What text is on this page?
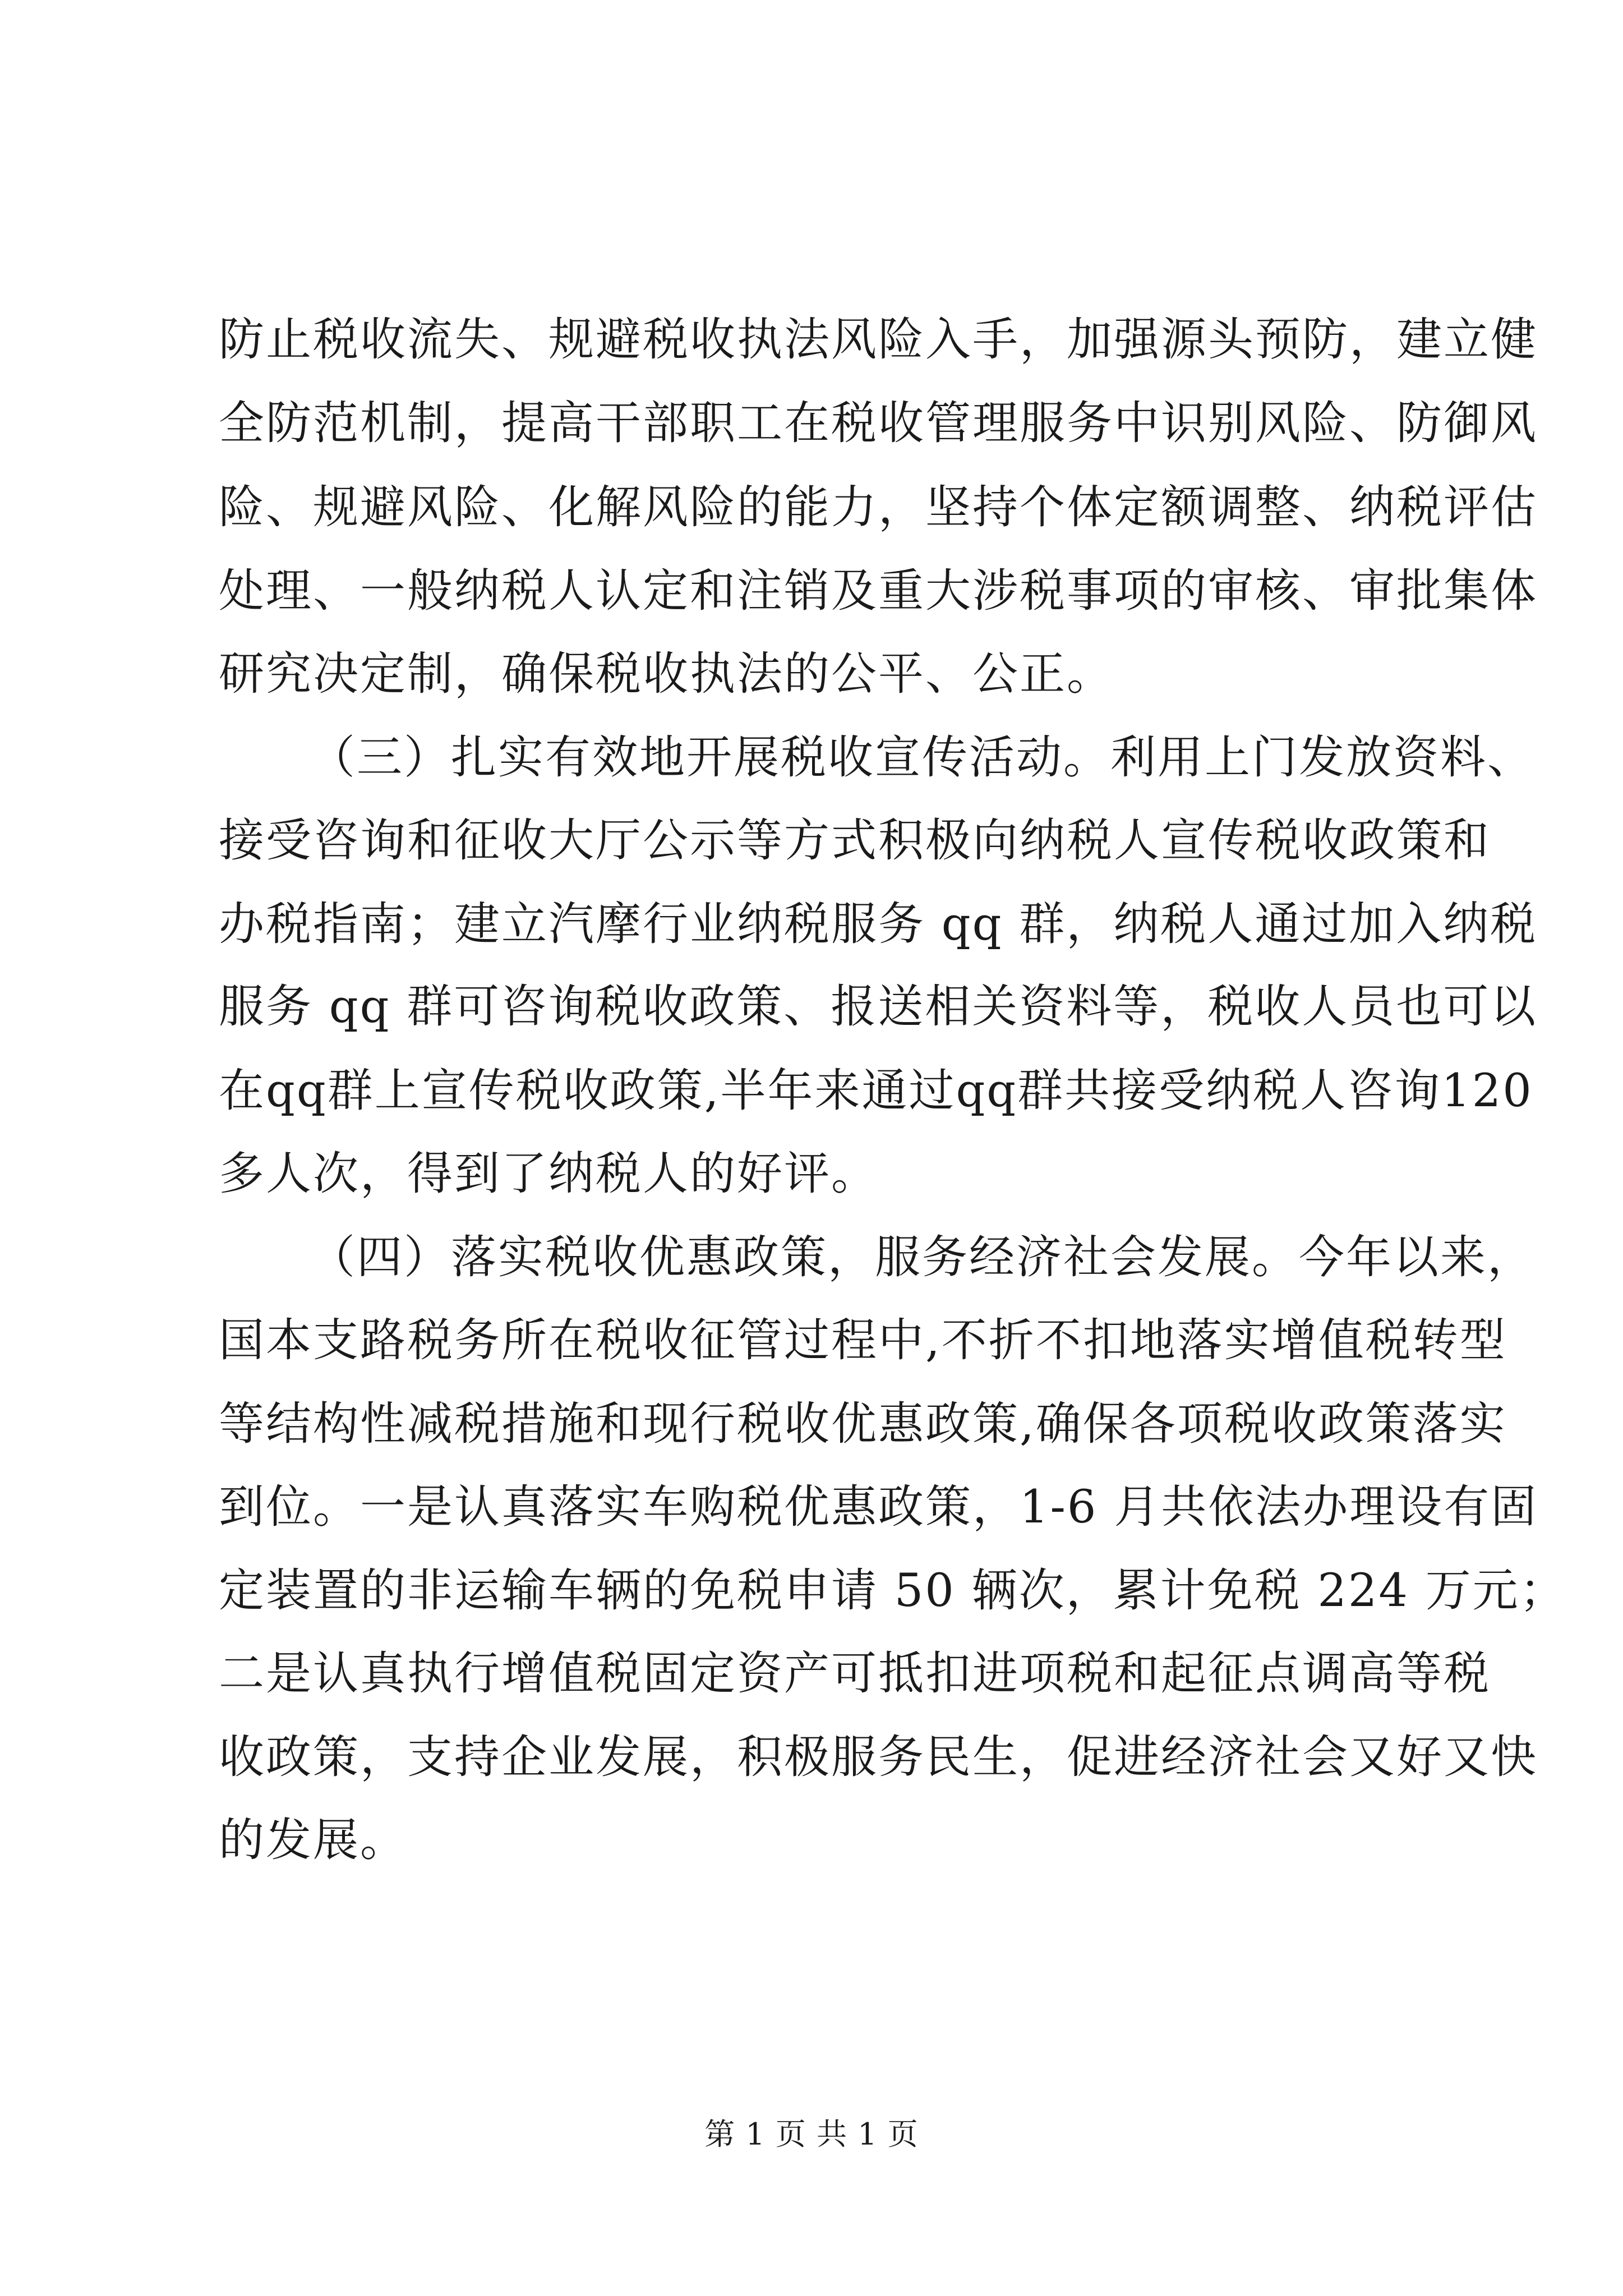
防止税收流失、规避税收执法风险入手，加强源头预防，建立健
全防范机制，提高干部职工在税收管理服务中识别风险、防御风
险、规避风险、化解风险的能力，坚持个体定额调整、纳税评估
处理、一般纳税人认定和注销及重大涉税事项的审核、审批集体
研究决定制，确保税收执法的公平、公正。
（三）扎实有效地开展税收宣传活动。利用上门发放资料、
接受咨询和征收大厅公示等方式积极向纳税人宣传税收政策和
办税指南；建立汽摩行业纳税服务 qq 群，纳税人通过加入纳税
服务 qq 群可咨询税收政策、报送相关资料等，税收人员也可以
在qq群上宣传税收政策,半年来通过qq群共接受纳税人咨询120
多人次，得到了纳税人的好评。
（四）落实税收优惠政策，服务经济社会发展。今年以来，
国本支路税务所在税收征管过程中,不折不扣地落实增值税转型
等结构性减税措施和现行税收优惠政策,确保各项税收政策落实
到位。一是认真落实车购税优惠政策，1-6 月共依法办理设有固
定装置的非运输车辆的免税申请 50 辆次，累计免税 224 万元；
二是认真执行增值税固定资产可抵扣进项税和起征点调高等税
收政策，支持企业发展，积极服务民生，促进经济社会又好又快
的发展。
第 1 页 共 1 页
